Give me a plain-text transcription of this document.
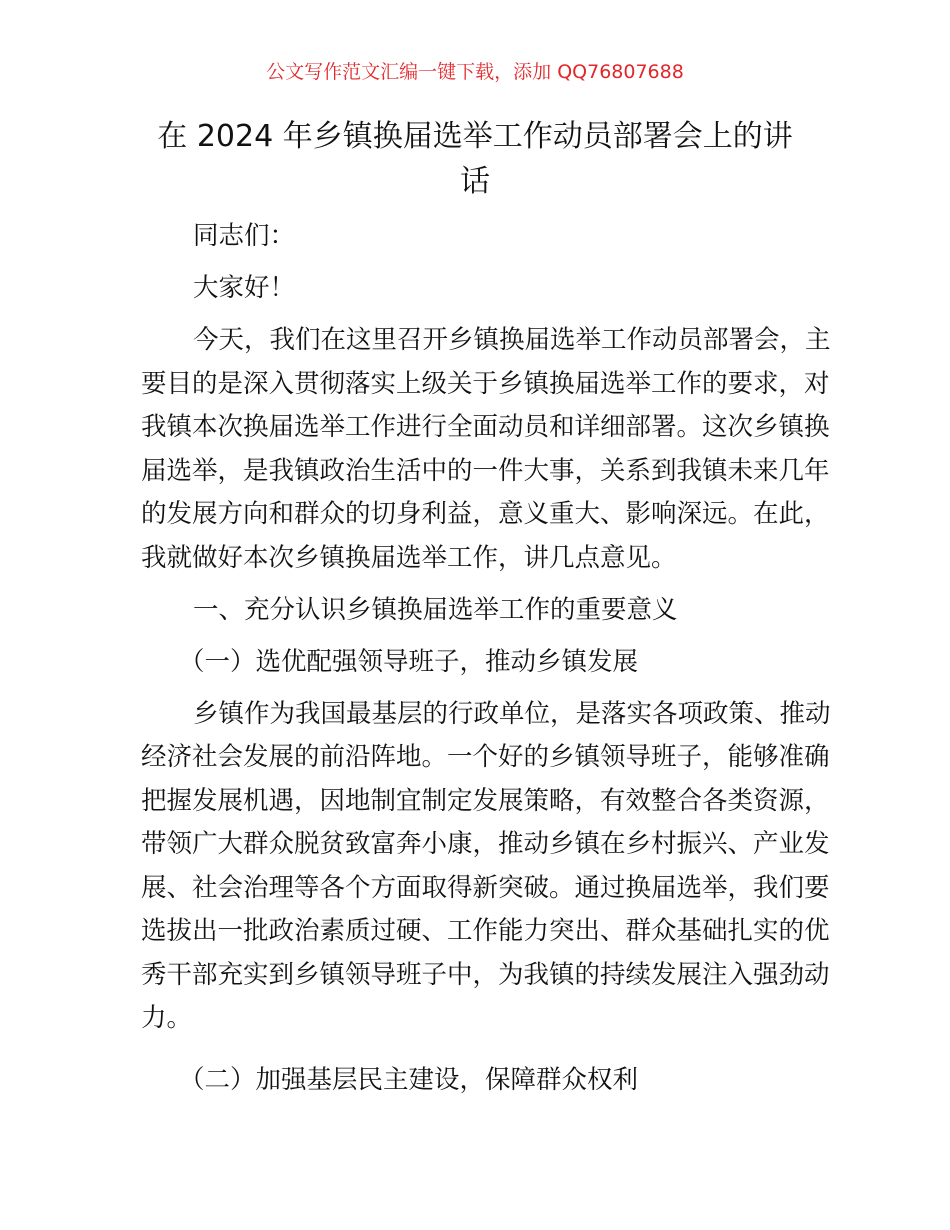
公文写作范文汇编一键下载，添加 QQ76807688
在 2024 年乡镇换届选举工作动员部署会上的讲
话
同志们：
大家好！
今天，我们在这里召开乡镇换届选举工作动员部署会，主
要目的是深入贯彻落实上级关于乡镇换届选举工作的要求，对
我镇本次换届选举工作进行全面动员和详细部署。这次乡镇换
届选举，是我镇政治生活中的一件大事，关系到我镇未来几年
的发展方向和群众的切身利益，意义重大、影响深远。在此，
我就做好本次乡镇换届选举工作，讲几点意见。
一、充分认识乡镇换届选举工作的重要意义
（一）选优配强领导班子，推动乡镇发展
乡镇作为我国最基层的行政单位，是落实各项政策、推动
经济社会发展的前沿阵地。一个好的乡镇领导班子，能够准确
把握发展机遇，因地制宜制定发展策略，有效整合各类资源，
带领广大群众脱贫致富奔小康，推动乡镇在乡村振兴、产业发
展、社会治理等各个方面取得新突破。通过换届选举，我们要
选拔出一批政治素质过硬、工作能力突出、群众基础扎实的优
秀干部充实到乡镇领导班子中，为我镇的持续发展注入强劲动
力。
（二）加强基层民主建设，保障群众权利
